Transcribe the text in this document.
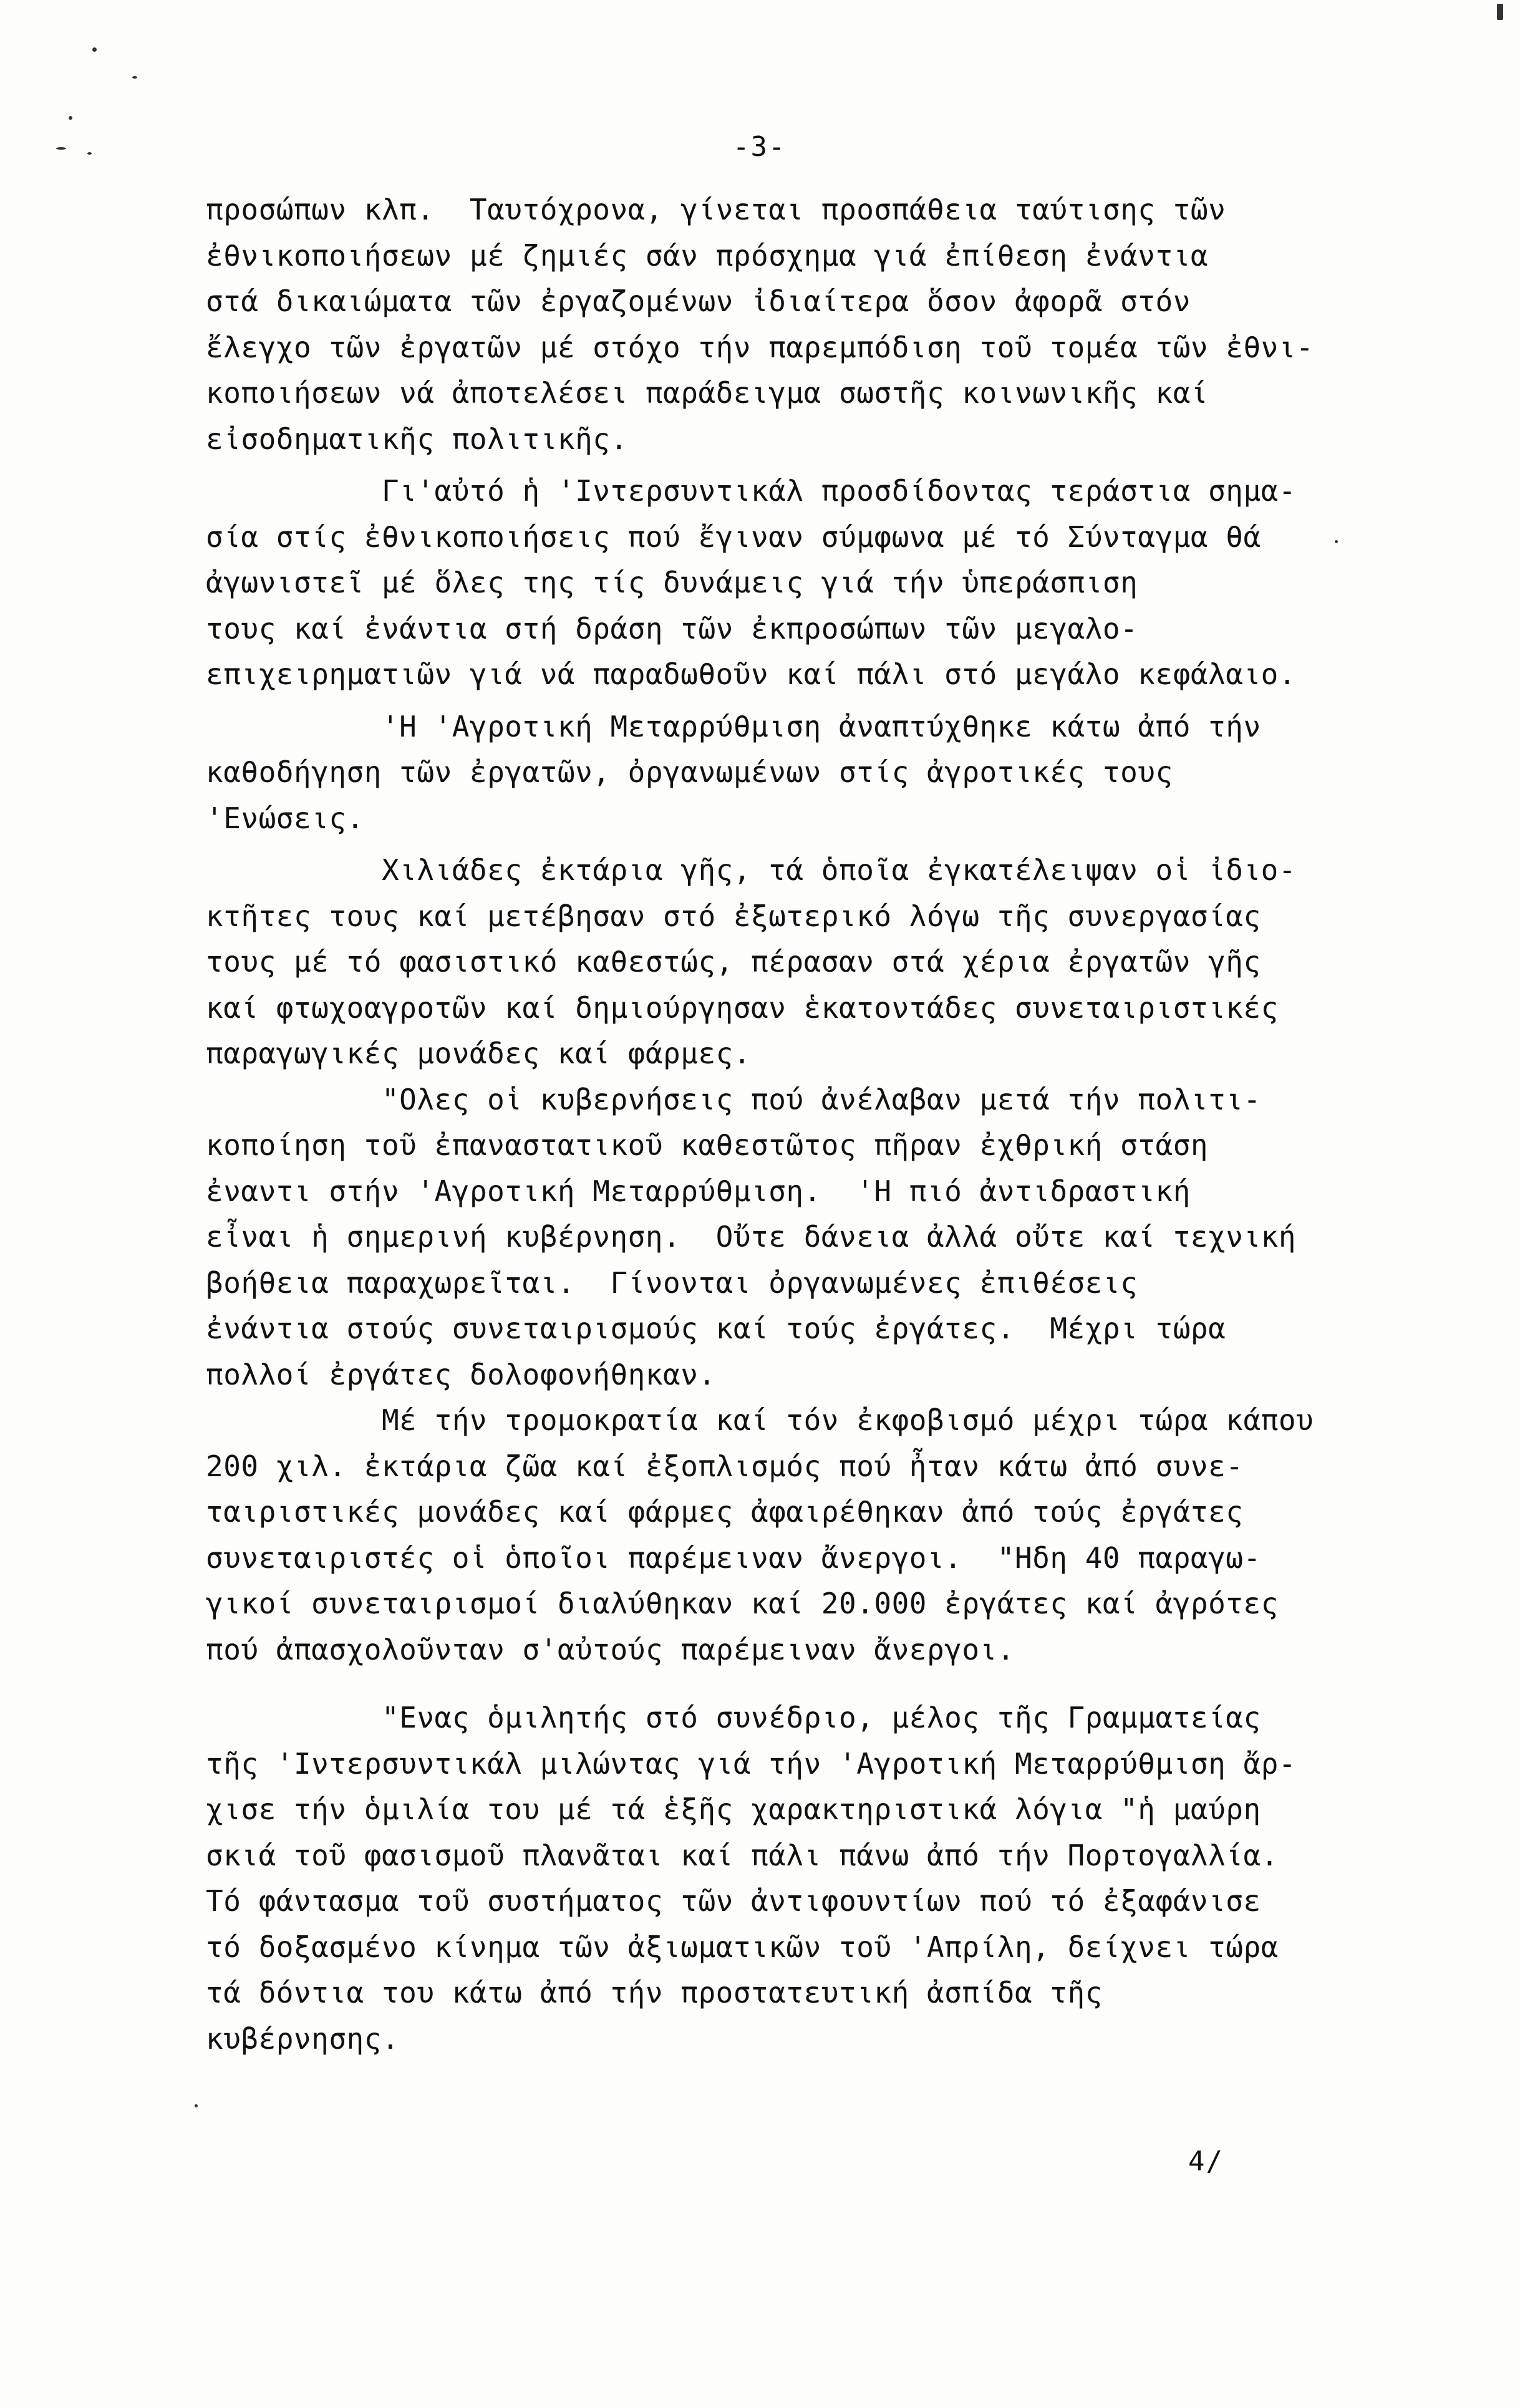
-3-
προσώπων κλπ.  Ταυτόχρονα, γίνεται προσπάθεια ταύτισης τῶν
ἐθνικοποιήσεων μέ ζημιές σάν πρόσχημα γιά ἐπίθεση ἐνάντια
στά δικαιώματα τῶν ἐργαζομένων ἰδιαίτερα ὅσον ἀφορᾶ στόν
ἔλεγχο τῶν ἐργατῶν μέ στόχο τήν παρεμπόδιση τοῦ τομέα τῶν ἐθνι-
κοποιήσεων νά ἀποτελέσει παράδειγμα σωστῆς κοινωνικῆς καί
εἰσοδηματικῆς πολιτικῆς.
Γι'αὐτό ἡ 'Ιντερσυντικάλ προσδίδοντας τεράστια σημα-
σία στίς ἐθνικοποιήσεις πού ἔγιναν σύμφωνα μέ τό Σύνταγμα θά
ἀγωνιστεῖ μέ ὅλες της τίς δυνάμεις γιά τήν ὑπεράσπιση
τους καί ἐνάντια στή δράση τῶν ἐκπροσώπων τῶν μεγαλο-
επιχειρηματιῶν γιά νά παραδωθοῦν καί πάλι στό μεγάλο κεφάλαιο.
'Η 'Αγροτική Μεταρρύθμιση ἀναπτύχθηκε κάτω ἀπό τήν
καθοδήγηση τῶν ἐργατῶν, ὀργανωμένων στίς ἀγροτικές τους
'Ενώσεις.
Χιλιάδες ἐκτάρια γῆς, τά ὁποῖα ἐγκατέλειψαν οἱ ἰδιο-
κτῆτες τους καί μετέβησαν στό ἐξωτερικό λόγω τῆς συνεργασίας
τους μέ τό φασιστικό καθεστώς, πέρασαν στά χέρια ἐργατῶν γῆς
καί φτωχοαγροτῶν καί δημιούργησαν ἑκατοντάδες συνεταιριστικές
παραγωγικές μονάδες καί φάρμες.
"Ολες οἱ κυβερνήσεις πού ἀνέλαβαν μετά τήν πολιτι-
κοποίηση τοῦ ἐπαναστατικοῦ καθεστῶτος πῆραν ἐχθρική στάση
ἐναντι στήν 'Αγροτική Μεταρρύθμιση.  'Η πιό ἀντιδραστική
εἶναι ἡ σημερινή κυβέρνηση.  Οὔτε δάνεια ἀλλά οὔτε καί τεχνική
βοήθεια παραχωρεῖται.  Γίνονται ὀργανωμένες ἐπιθέσεις
ἐνάντια στούς συνεταιρισμούς καί τούς ἐργάτες.  Μέχρι τώρα
πολλοί ἐργάτες δολοφονήθηκαν.
Μέ τήν τρομοκρατία καί τόν ἐκφοβισμό μέχρι τώρα κάπου
200 χιλ. ἐκτάρια ζῶα καί ἐξοπλισμός πού ἦταν κάτω ἀπό συνε-
ταιριστικές μονάδες καί φάρμες ἀφαιρέθηκαν ἀπό τούς ἐργάτες
συνεταιριστές οἱ ὁποῖοι παρέμειναν ἄνεργοι.  "Ηδη 40 παραγω-
γικοί συνεταιρισμοί διαλύθηκαν καί 20.000 ἐργάτες καί ἀγρότες
πού ἀπασχολοῦνταν σ'αὐτούς παρέμειναν ἄνεργοι.
"Ενας ὁμιλητής στό συνέδριο, μέλος τῆς Γραμματείας
τῆς 'Ιντερσυντικάλ μιλώντας γιά τήν 'Αγροτική Μεταρρύθμιση ἄρ-
χισε τήν ὁμιλία του μέ τά ἑξῆς χαρακτηριστικά λόγια "ἡ μαύρη
σκιά τοῦ φασισμοῦ πλανᾶται καί πάλι πάνω ἀπό τήν Πορτογαλλία.
Τό φάντασμα τοῦ συστήματος τῶν ἀντιφουντίων πού τό ἐξαφάνισε
τό δοξασμένο κίνημα τῶν ἀξιωματικῶν τοῦ 'Απρίλη, δείχνει τώρα
τά δόντια του κάτω ἀπό τήν προστατευτική ἀσπίδα τῆς
κυβέρνησης.
4/
